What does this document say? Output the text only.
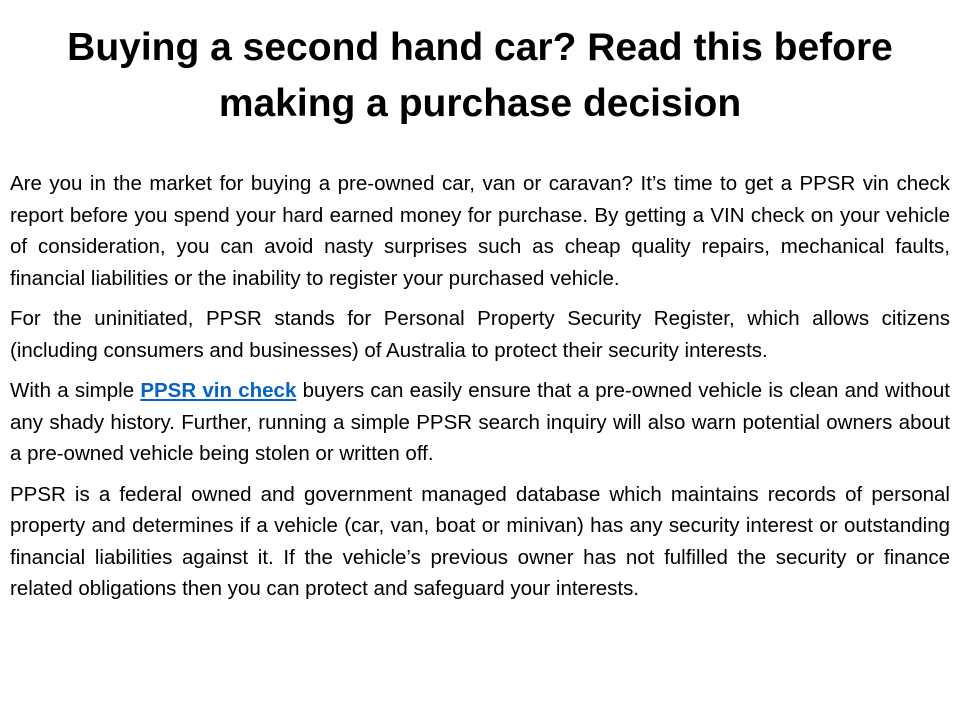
Buying a second hand car? Read this before making a purchase decision

Are you in the market for buying a pre-owned car, van or caravan? It’s time to get a PPSR vin check report before you spend your hard earned money for purchase. By getting a VIN check on your vehicle of consideration, you can avoid nasty surprises such as cheap quality repairs, mechanical faults, financial liabilities or the inability to register your purchased vehicle.

For the uninitiated, PPSR stands for Personal Property Security Register, which allows citizens (including consumers and businesses) of Australia to protect their security interests.

With a simple PPSR vin check buyers can easily ensure that a pre-owned vehicle is clean and without any shady history. Further, running a simple PPSR search inquiry will also warn potential owners about a pre-owned vehicle being stolen or written off.

PPSR is a federal owned and government managed database which maintains records of personal property and determines if a vehicle (car, van, boat or minivan) has any security interest or outstanding financial liabilities against it. If the vehicle’s previous owner has not fulfilled the security or finance related obligations then you can protect and safeguard your interests.
